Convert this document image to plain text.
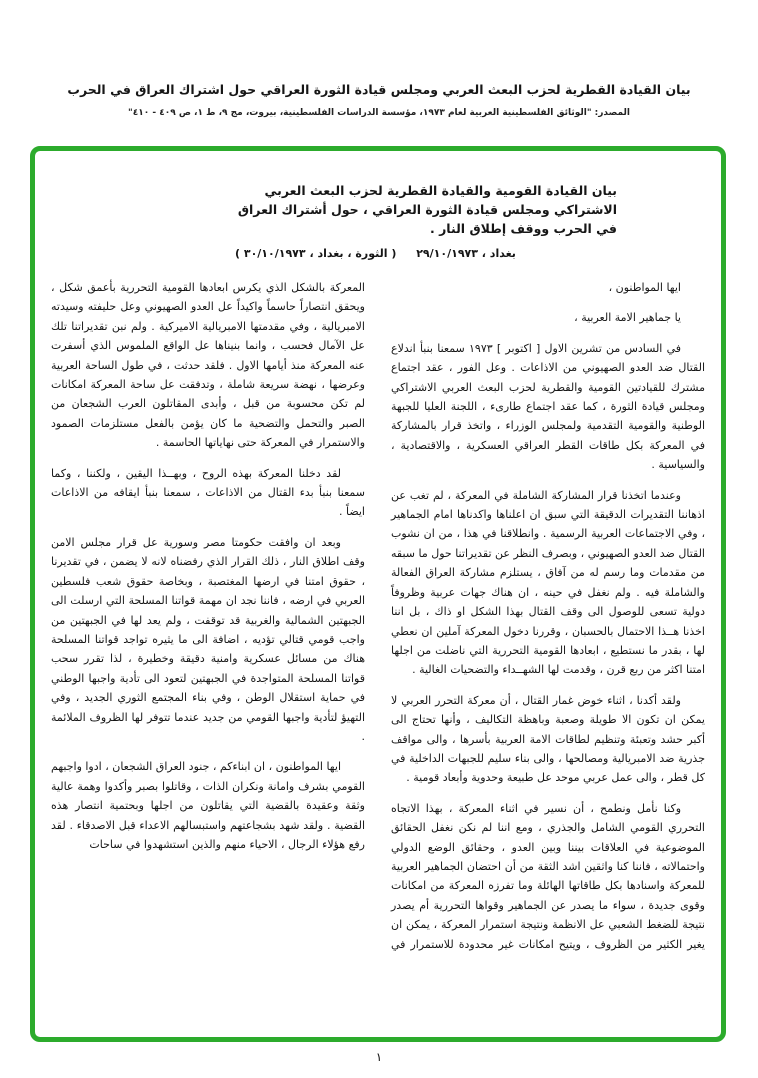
بيان القيادة القطرية لحزب البعث العربي ومجلس قيادة الثورة العراقي حول اشتراك العراق في الحرب
المصدر: "الوثائق الفلسطينية العربية لعام ١٩٧٣، مؤسسة الدراسات الفلسطينية، بيروت، مج ٩، ط ١، ص ٤٠٩ - ٤١٠"
بيان القيادة القومية والقيادة القطرية لحزب البعث العربي
الاشتراكي ومجلس قيادة الثورة العراقي ، حول أشتراك العراق
في الحرب ووقف إطلاق النار .
بغداد ، ٢٩/١٠/١٩٧٣ ( الثورة ، بغداد ، ٣٠/١٠/١٩٧٣ )

ايها المواطنون ،

يا جماهير الامة العربية ،

في السادس من تشرين الاول [ اكتوبر ] ١٩٧٣ سمعنا بنبأ اندلاع القتال ضد العدو الصهيوني من الاذاعات . وعل الفور ، عقد اجتماع مشترك للقيادتين القومية والقطرية لحزب البعث العربي الاشتراكي ومجلس قيادة الثورة ، كما عقد اجتماع طارىء ، اللجنة العليا للجبهة الوطنية والقومية التقدمية ولمجلس الوزراء ، واتخذ قرار بالمشاركة في المعركة بكل طاقات القطر العراقي العسكرية ، والاقتصادية ، والسياسية .

وعندما اتخذنا قرار المشاركة الشاملة في المعركة ، لم تغب عن اذهاننا التقديرات الدقيقة التي سبق ان اعلناها واكدناها امام الجماهير ، وفي الاجتماعات العربية الرسمية . وانطلاقنا في هذا ، من ان نشوب القتال ضد العدو الصهيوني ، وبصرف النظر عن تقديراتنا حول ما سبقه من مقدمات وما رسم له من آفاق ، يستلزم مشاركة العراق الفعالة والشاملة فيه . ولم نغفل في حينه ، ان هناك جهات عربية وظروفاً دولية تسعى للوصول الى وقف القتال بهذا الشكل او ذاك ، بل اننا اخذنا هــذا الاحتمال بالحسبان ، وقررنا دخول المعركة آملين ان نعطي لها ، بقدر ما نستطيع ، ابعادها القومية التحررية التي ناضلت من اجلها امتنا اكثر من ربع قرن ، وقدمت لها الشهــداء والتضحيات الغالية .

ولقد أكدنا ، اثناء خوض غمار القتال ، أن معركة التحرر العربي لا يمكن ان تكون الا طويلة وصعبة وباهظة التكاليف ، وأنها تحتاج الى أكبر حشد وتعبئة وتنظيم لطاقات الامة العربية بأسرها ، والى مواقف جذرية ضد الامبريالية ومصالحها ، والى بناء سليم للجبهات الداخلية في كل قطر ، والى عمل عربي موحد عل طبيعة وحدوية وأبعاد قومية .

وكنا نأمل ونطمح ، أن نسير في اثناء المعركة ، بهذا الاتجاه التحرري القومي الشامل والجذري ، ومع اننا لم نكن نغفل الحقائق الموضوعية في العلاقات بيننا وبين العدو ، وحقائق الوضع الدولي واحتمالاته ، فاننا كنا واثقين اشد الثقة من أن احتضان الجماهير العربية للمعركة واسنادها بكل طاقاتها الهائلة وما تفرزه المعركة من امكانات وقوى جديدة ، سواء ما يصدر عن الجماهير وقواها التحررية أم يصدر نتيجة للضغط الشعبي عل الانظمة ونتيجة استمرار المعركة ، يمكن ان يغير الكثير من الظروف ، ويتيح امكانات غير محدودة للاستمرار في المعركة بالشكل الذي يكرس ابعادها القومية التحررية بأعمق شكل ، ويحقق انتصاراً حاسماً واكيداً عل العدو الصهيوني وعل حليفته وسيدته الامبريالية ، وفي مقدمتها الامبريالية الاميركية . ولم نبن تقديراتنا تلك عل الآمال فحسب ، وانما بنيناها عل الواقع الملموس الذي أسفرت عنه المعركة منذ أيامها الاول . فلقد حدثت ، في طول الساحة العربية وعرضها ، نهضة سريعة شاملة ، وتدفقت عل ساحة المعركة امكانات لم تكن محسوبة من قبل ، وأبدى المقاتلون العرب الشجعان من الصبر والتحمل والتضحية ما كان يؤمن بالفعل مستلزمات الصمود والاستمرار في المعركة حتى نهاياتها الحاسمة .

لقد دخلنا المعركة بهذه الروح ، وبهــذا اليقين ، ولكننا ، وكما سمعنا بنبأ بدء القتال من الاذاعات ، سمعنا بنبأ ايقافه من الاذاعات ايضاً .

وبعد ان وافقت حكومتا مصر وسورية عل قرار مجلس الامن وقف اطلاق النار ، ذلك القرار الذي رفضناه لانه لا يضمن ، في تقديرنا ، حقوق امتنا في ارضها المغتصبة ، وبخاصة حقوق شعب فلسطين العربي في ارضه ، فاننا نجد ان مهمة قواتنا المسلحة التي ارسلت الى الجبهتين الشمالية والغربية قد توقفت ، ولم يعد لها في الجبهتين من واجب قومي قتالي تؤديه ، اضافة الى ما يثيره تواجد قواتنا المسلحة هناك من مسائل عسكرية وامنية دقيقة وخطيرة ، لذا تقرر سحب قواتنا المسلحة المتواجدة في الجبهتين لتعود الى تأدية واجبها الوطني في حماية استقلال الوطن ، وفي بناء المجتمع الثوري الجديد ، وفي التهيؤ لتأدية واجبها القومي من جديد عندما تتوفر لها الظروف الملائمة .

ايها المواطنون ، ان ابناءكم ، جنود العراق الشجعان ، ادوا واجبهم القومي بشرف وامانة ونكران الذات ، وقاتلوا بصبر وأكدوا وهمة عالية وثقة وعقيدة بالقضية التي يقاتلون من اجلها وبحتمية انتصار هذه القضية . ولقد شهد بشجاعتهم واستبسالهم الاعداء قبل الاصدقاء . لقد رفع هؤلاء الرجال ، الاحياء منهم والذين استشهدوا في ساحات

١
